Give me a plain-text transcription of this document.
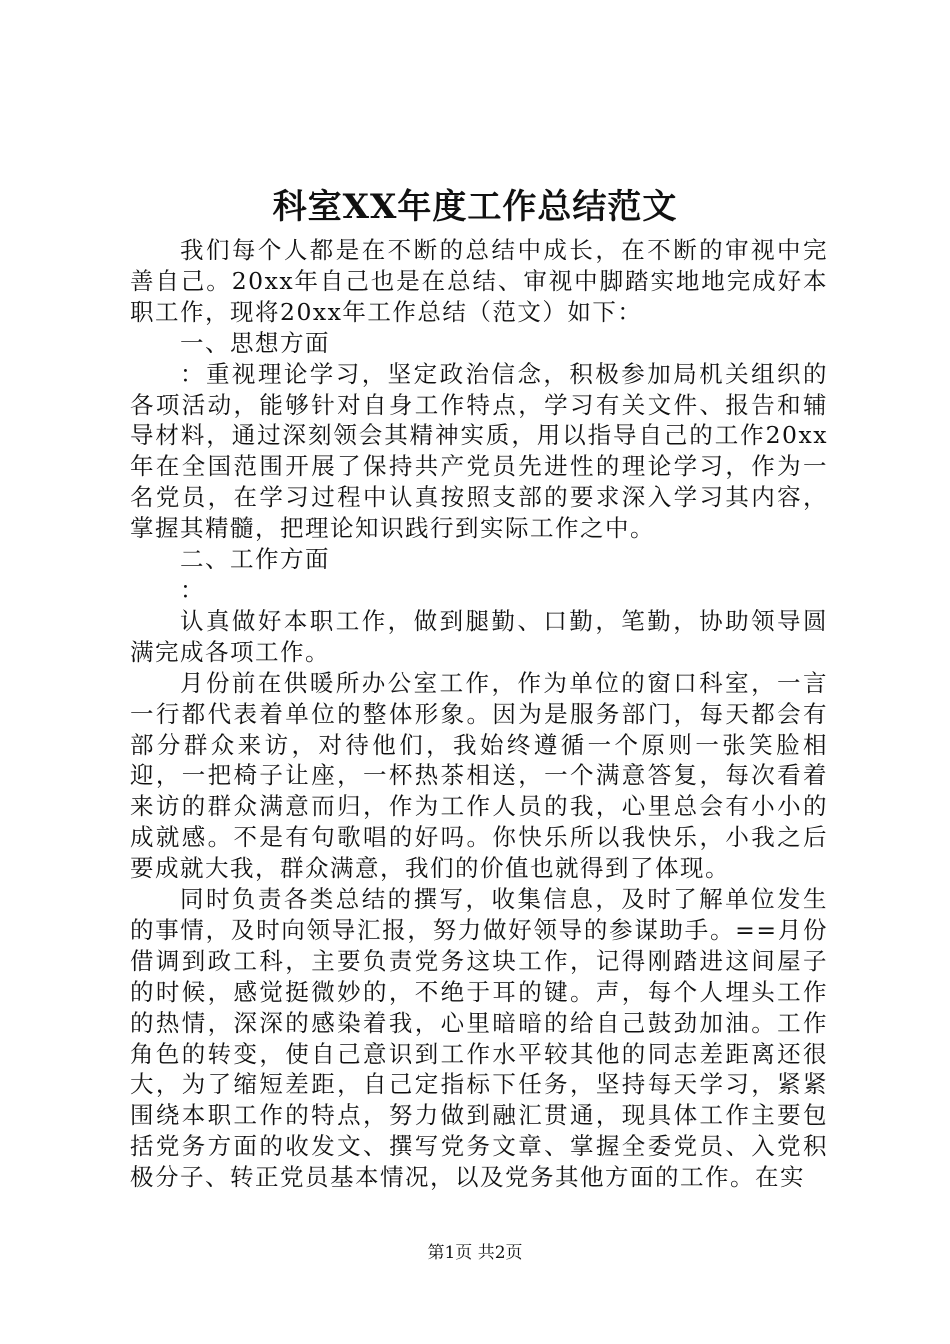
科室XX年度工作总结范文

我们每个人都是在不断的总结中成长，在不断的审视中完善自己。20xx年自己也是在总结、审视中脚踏实地地完成好本职工作，现将20xx年工作总结（范文）如下：

一、思想方面

：重视理论学习，坚定政治信念，积极参加局机关组织的各项活动，能够针对自身工作特点，学习有关文件、报告和辅导材料，通过深刻领会其精神实质，用以指导自己的工作20xx年在全国范围开展了保持共产党员先进性的理论学习，作为一名党员，在学习过程中认真按照支部的要求深入学习其内容，掌握其精髓，把理论知识践行到实际工作之中。

二、工作方面

：

认真做好本职工作，做到腿勤、口勤，笔勤，协助领导圆满完成各项工作。

月份前在供暖所办公室工作，作为单位的窗口科室，一言一行都代表着单位的整体形象。因为是服务部门，每天都会有部分群众来访，对待他们，我始终遵循一个原则一张笑脸相迎，一把椅子让座，一杯热茶相送，一个满意答复，每次看着来访的群众满意而归，作为工作人员的我，心里总会有小小的成就感。不是有句歌唱的好吗。你快乐所以我快乐，小我之后要成就大我，群众满意，我们的价值也就得到了体现。

同时负责各类总结的撰写，收集信息，及时了解单位发生的事情，及时向领导汇报，努力做好领导的参谋助手。==月份借调到政工科，主要负责党务这块工作，记得刚踏进这间屋子的时候，感觉挺微妙的，不绝于耳的键。声，每个人埋头工作的热情，深深的感染着我，心里暗暗的给自己鼓劲加油。工作角色的转变，使自己意识到工作水平较其他的同志差距离还很大，为了缩短差距，自己定指标下任务，坚持每天学习，紧紧围绕本职工作的特点，努力做到融汇贯通，现具体工作主要包括党务方面的收发文、撰写党务文章、掌握全委党员、入党积极分子、转正党员基本情况，以及党务其他方面的工作。在实

第1页 共2页
